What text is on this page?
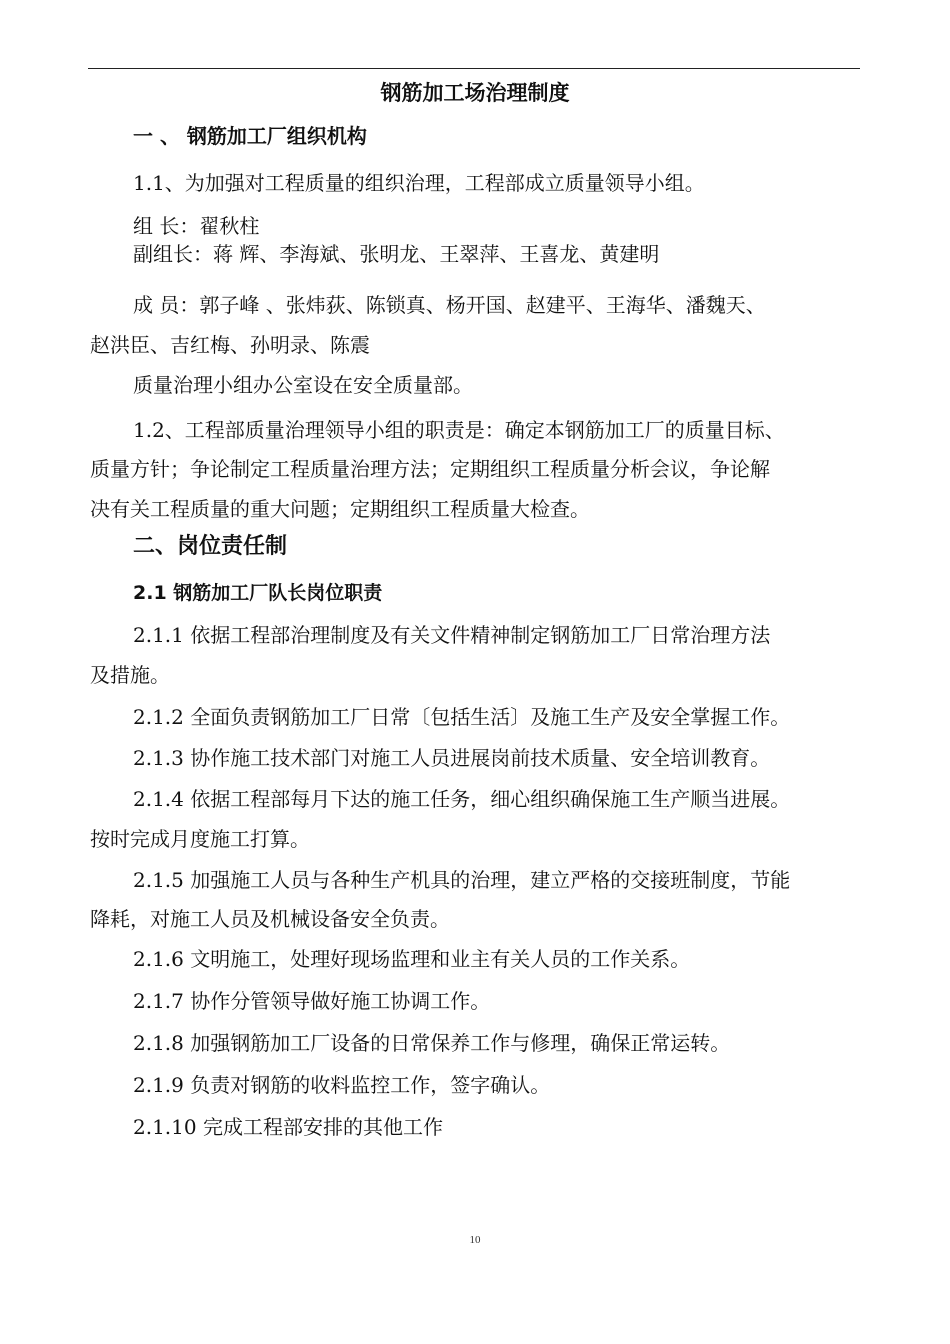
钢筋加工场治理制度
一 、 钢筋加工厂组织机构
1.1、为加强对工程质量的组织治理，工程部成立质量领导小组。
组 长：翟秋柱
副组长：蒋 辉、李海斌、张明龙、王翠萍、王喜龙、黄建明
成 员：郭子峰 、张炜荻、陈锁真、杨开国、赵建平、王海华、潘魏天、
赵洪臣、吉红梅、孙明录、陈震
质量治理小组办公室设在安全质量部。
1.2、工程部质量治理领导小组的职责是：确定本钢筋加工厂的质量目标、
质量方针；争论制定工程质量治理方法；定期组织工程质量分析会议，争论解
决有关工程质量的重大问题；定期组织工程质量大检查。
二、岗位责任制
2.1 钢筋加工厂队长岗位职责
2.1.1 依据工程部治理制度及有关文件精神制定钢筋加工厂日常治理方法
及措施。
2.1.2 全面负责钢筋加工厂日常〔包括生活〕及施工生产及安全掌握工作。
2.1.3 协作施工技术部门对施工人员进展岗前技术质量、安全培训教育。
2.1.4 依据工程部每月下达的施工任务，细心组织确保施工生产顺当进展。
按时完成月度施工打算。
2.1.5 加强施工人员与各种生产机具的治理，建立严格的交接班制度，节能
降耗，对施工人员及机械设备安全负责。
2.1.6 文明施工，处理好现场监理和业主有关人员的工作关系。
2.1.7 协作分管领导做好施工协调工作。
2.1.8 加强钢筋加工厂设备的日常保养工作与修理，确保正常运转。
2.1.9 负责对钢筋的收料监控工作，签字确认。
2.1.10 完成工程部安排的其他工作
10
